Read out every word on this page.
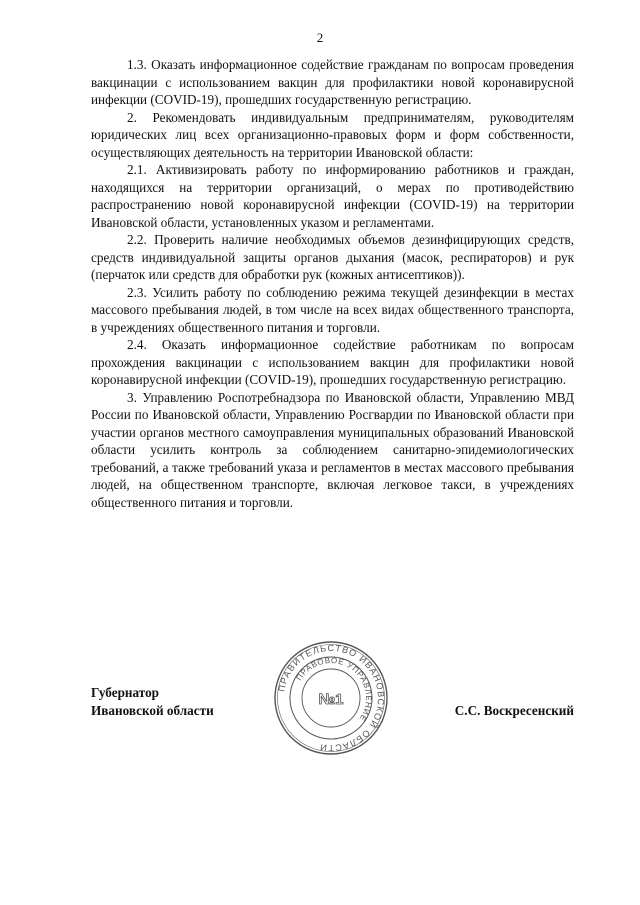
2

1.3. Оказать информационное содействие гражданам по вопросам проведения вакцинации с использованием вакцин для профилактики новой коронавирусной инфекции (COVID-19), прошедших государственную регистрацию.

2. Рекомендовать индивидуальным предпринимателям, руководителям юридических лиц всех организационно-правовых форм и форм собственности, осуществляющих деятельность на территории Ивановской области:

2.1. Активизировать работу по информированию работников и граждан, находящихся на территории организаций, о мерах по противодействию распространению новой коронавирусной инфекции (COVID-19) на территории Ивановской области, установленных указом и регламентами.

2.2. Проверить наличие необходимых объемов дезинфицирующих средств, средств индивидуальной защиты органов дыхания (масок, респираторов) и рук (перчаток или средств для обработки рук (кожных антисептиков)).

2.3. Усилить работу по соблюдению режима текущей дезинфекции в местах массового пребывания людей, в том числе на всех видах общественного транспорта, в учреждениях общественного питания и торговли.

2.4. Оказать информационное содействие работникам по вопросам прохождения вакцинации с использованием вакцин для профилактики новой коронавирусной инфекции (COVID-19), прошедших государственную регистрацию.

3. Управлению Роспотребнадзора по Ивановской области, Управлению МВД России по Ивановской области, Управлению Росгвардии по Ивановской области при участии органов местного самоуправления муниципальных образований Ивановской области усилить контроль за соблюдением санитарно-эпидемиологических требований, а также требований указа и регламентов в местах массового пребывания людей, на общественном транспорте, включая легковое такси, в учреждениях общественного питания и торговли.

Губернатор
Ивановской области	С.С. Воскресенский
ПРАВИТЕЛЬСТВО ИВАНОВСКОЙ ОБЛАСТИ
ПРАВОВОЕ УПРАВЛЕНИЕ
№1
